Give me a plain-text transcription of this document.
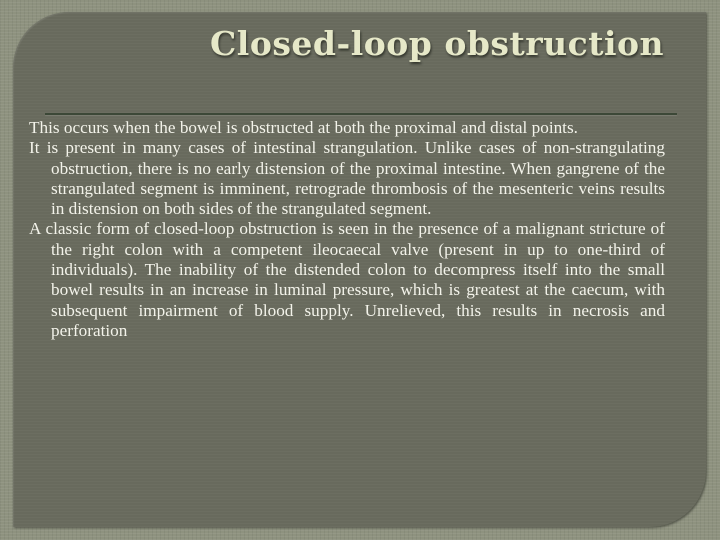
Closed-loop obstruction

This occurs when the bowel is obstructed at both the proximal and distal points.

It is present in many cases of intestinal strangulation. Unlike cases of non-strangulating obstruction, there is no early distension of the proximal intestine. When gangrene of the strangulated segment is imminent, retrograde thrombosis of the mesenteric veins results in distension on both sides of the strangulated segment.

A classic form of closed-loop obstruction is seen in the presence of a malignant stricture of the right colon with a competent ileocaecal valve (present in up to one-third of individuals). The inability of the distended colon to decompress itself into the small bowel results in an increase in luminal pressure, which is greatest at the caecum, with subsequent impairment of blood supply. Unrelieved, this results in necrosis and perforation
